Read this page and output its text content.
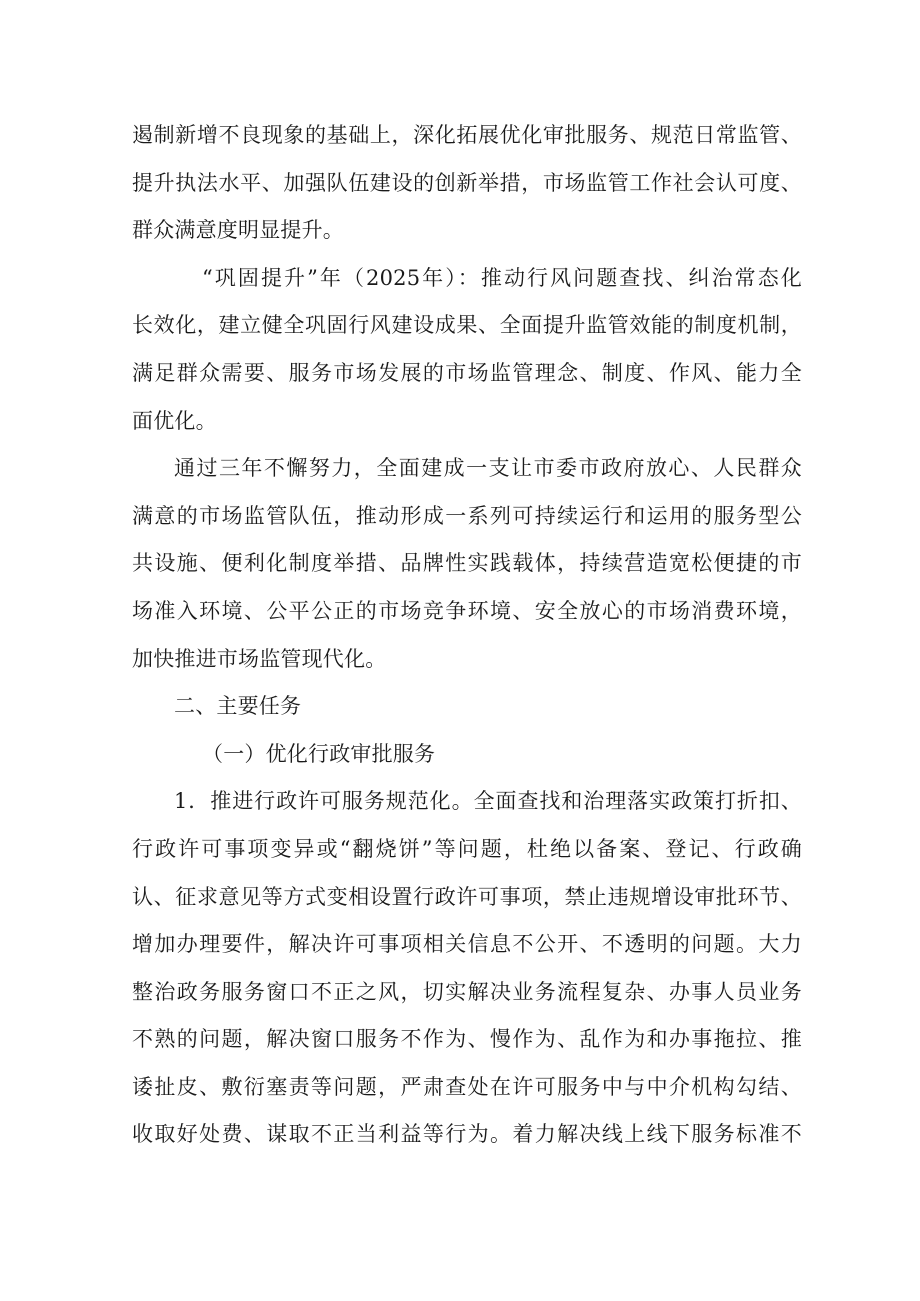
遏制新增不良现象的基础上，深化拓展优化审批服务、规范日常监管、
提升执法水平、加强队伍建设的创新举措，市场监管工作社会认可度、
群众满意度明显提升。
“巩固提升”年（2025年）：推动行风问题查找、纠治常态化
长效化，建立健全巩固行风建设成果、全面提升监管效能的制度机制，
满足群众需要、服务市场发展的市场监管理念、制度、作风、能力全
面优化。
通过三年不懈努力，全面建成一支让市委市政府放心、人民群众
满意的市场监管队伍，推动形成一系列可持续运行和运用的服务型公
共设施、便利化制度举措、品牌性实践载体，持续营造宽松便捷的市
场准入环境、公平公正的市场竞争环境、安全放心的市场消费环境，
加快推进市场监管现代化。
二、主要任务
（一）优化行政审批服务
1．推进行政许可服务规范化。全面查找和治理落实政策打折扣、
行政许可事项变异或“翻烧饼”等问题，杜绝以备案、登记、行政确
认、征求意见等方式变相设置行政许可事项，禁止违规增设审批环节、
增加办理要件，解决许可事项相关信息不公开、不透明的问题。大力
整治政务服务窗口不正之风，切实解决业务流程复杂、办事人员业务
不熟的问题，解决窗口服务不作为、慢作为、乱作为和办事拖拉、推
诿扯皮、敷衍塞责等问题，严肃查处在许可服务中与中介机构勾结、
收取好处费、谋取不正当利益等行为。着力解决线上线下服务标准不
